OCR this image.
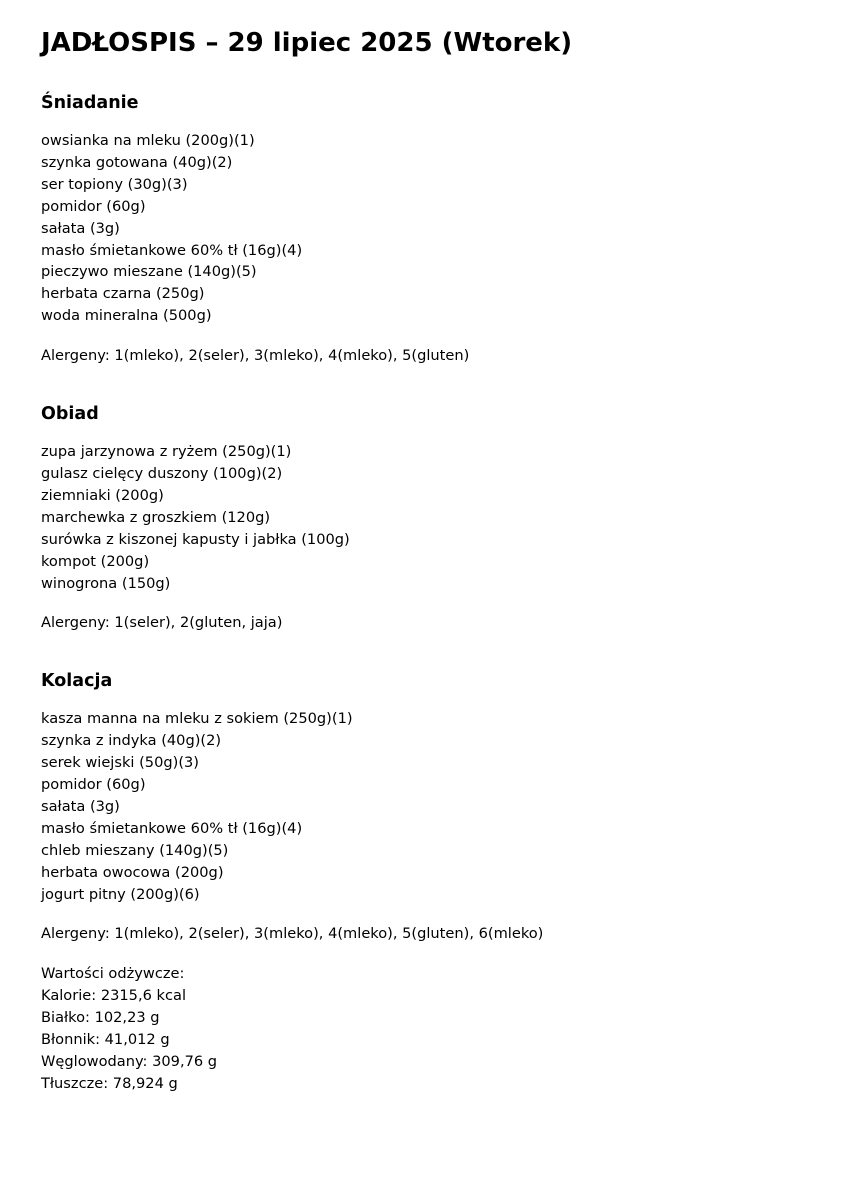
JADŁOSPIS – 29 lipiec 2025 (Wtorek)
Śniadanie
owsianka na mleku (200g)(1)
szynka gotowana (40g)(2)
ser topiony (30g)(3)
pomidor (60g)
sałata (3g)
masło śmietankowe 60% tł (16g)(4)
pieczywo mieszane (140g)(5)
herbata czarna (250g)
woda mineralna (500g)

Alergeny: 1(mleko), 2(seler), 3(mleko), 4(mleko), 5(gluten)

Obiad
zupa jarzynowa z ryżem (250g)(1)
gulasz cielęcy duszony (100g)(2)
ziemniaki (200g)
marchewka z groszkiem (120g)
surówka z kiszonej kapusty i jabłka (100g)
kompot (200g)
winogrona (150g)

Alergeny: 1(seler), 2(gluten, jaja)

Kolacja
kasza manna na mleku z sokiem (250g)(1)
szynka z indyka (40g)(2)
serek wiejski (50g)(3)
pomidor (60g)
sałata (3g)
masło śmietankowe 60% tł (16g)(4)
chleb mieszany (140g)(5)
herbata owocowa (200g)
jogurt pitny (200g)(6)

Alergeny: 1(mleko), 2(seler), 3(mleko), 4(mleko), 5(gluten), 6(mleko)

Wartości odżywcze:
Kalorie: 2315,6 kcal
Białko: 102,23 g
Błonnik: 41,012 g
Węglowodany: 309,76 g
Tłuszcze: 78,924 g
